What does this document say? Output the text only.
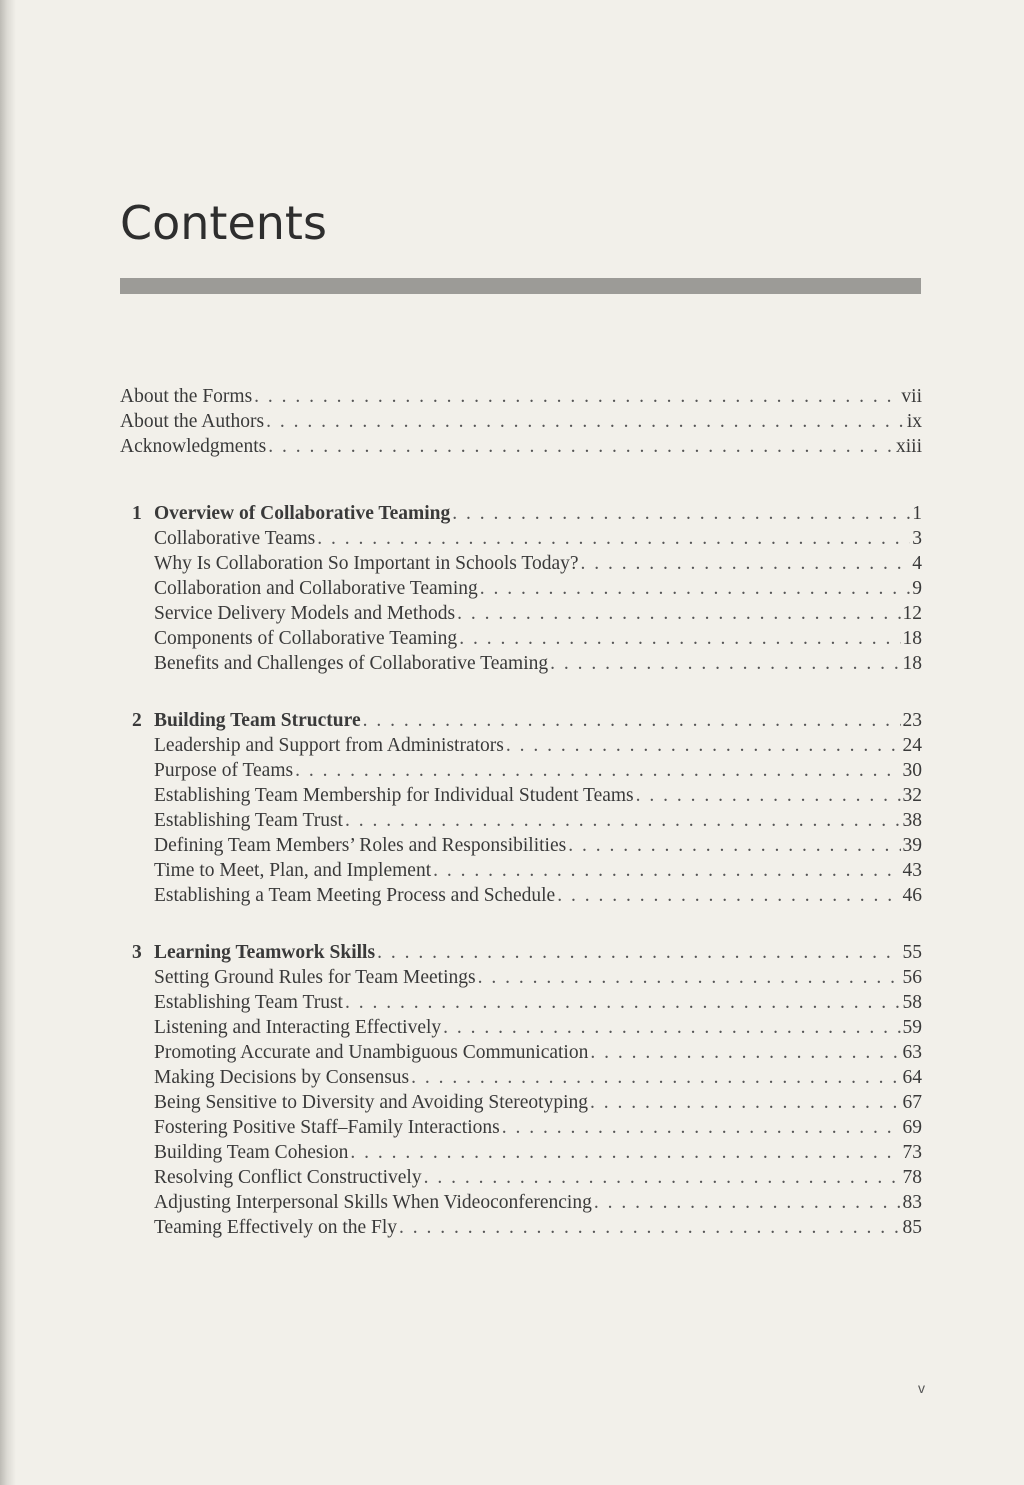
Contents
About the Forms . . .	vii
About the Authors . . .	ix
Acknowledgments . . .	xiii
1 Overview of Collaborative Teaming . . .	1
Collaborative Teams . . .	3
Why Is Collaboration So Important in Schools Today? . . .	4
Collaboration and Collaborative Teaming . . .	9
Service Delivery Models and Methods . . .	12
Components of Collaborative Teaming . . .	18
Benefits and Challenges of Collaborative Teaming . . .	18
2 Building Team Structure . . .	23
Leadership and Support from Administrators . . .	24
Purpose of Teams . . .	30
Establishing Team Membership for Individual Student Teams . . .	32
Establishing Team Trust . . .	38
Defining Team Members’ Roles and Responsibilities . . .	39
Time to Meet, Plan, and Implement . . .	43
Establishing a Team Meeting Process and Schedule . . .	46
3 Learning Teamwork Skills . . .	55
Setting Ground Rules for Team Meetings . . .	56
Establishing Team Trust . . .	58
Listening and Interacting Effectively . . .	59
Promoting Accurate and Unambiguous Communication . . .	63
Making Decisions by Consensus . . .	64
Being Sensitive to Diversity and Avoiding Stereotyping . . .	67
Fostering Positive Staff–Family Interactions . . .	69
Building Team Cohesion . . .	73
Resolving Conflict Constructively . . .	78
Adjusting Interpersonal Skills When Videoconferencing . . .	83
Teaming Effectively on the Fly . . .	85
v
